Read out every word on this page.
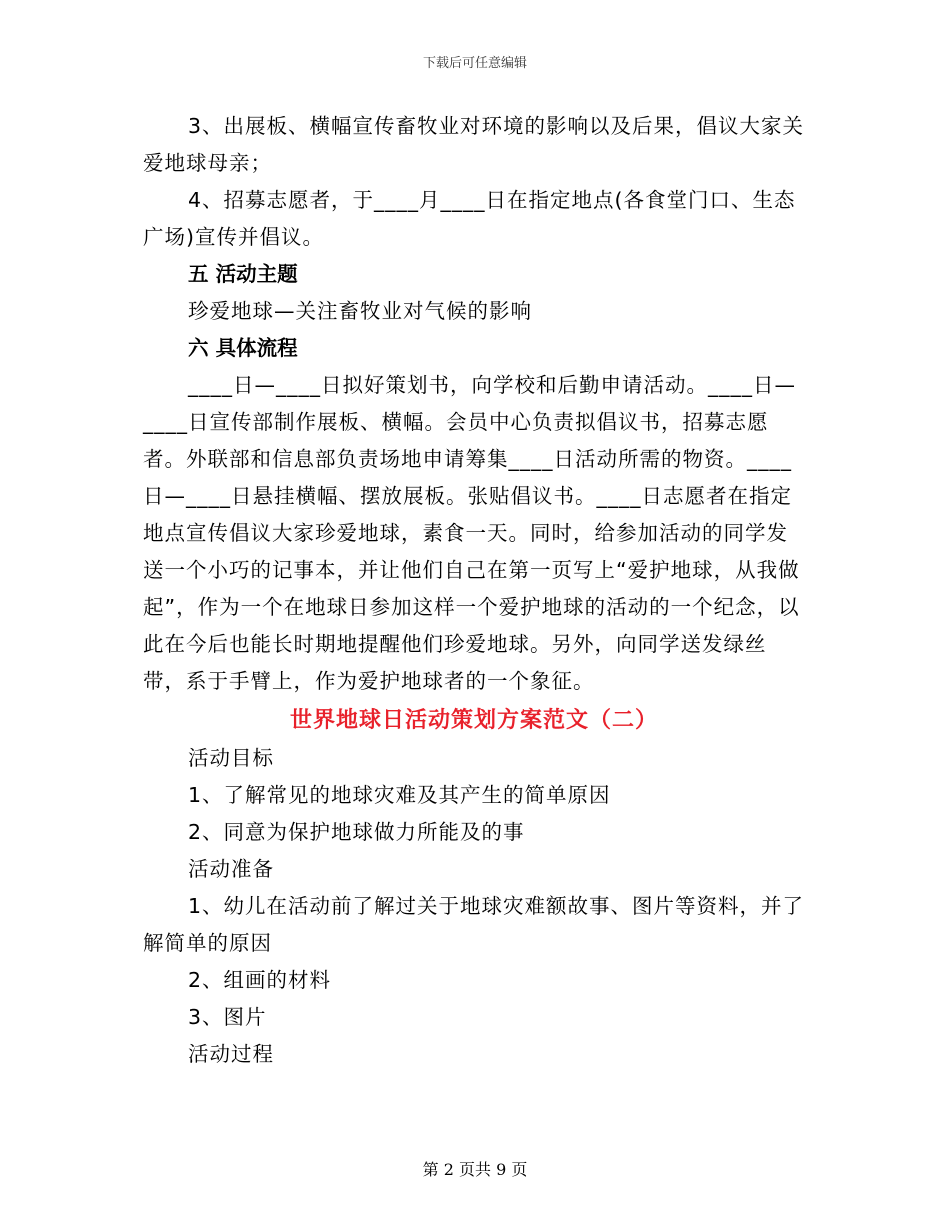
下载后可任意编辑

3、出展板、横幅宣传畜牧业对环境的影响以及后果，倡议大家关爱地球母亲；

4、招募志愿者，于____月____日在指定地点(各食堂门口、生态广场)宣传并倡议。

五 活动主题

珍爱地球—关注畜牧业对气候的影响

六 具体流程

____日—____日拟好策划书，向学校和后勤申请活动。____日—____日宣传部制作展板、横幅。会员中心负责拟倡议书，招募志愿者。外联部和信息部负责场地申请筹集____日活动所需的物资。____日—____日悬挂横幅、摆放展板。张贴倡议书。____日志愿者在指定地点宣传倡议大家珍爱地球，素食一天。同时，给参加活动的同学发送一个小巧的记事本，并让他们自己在第一页写上“爱护地球，从我做起”，作为一个在地球日参加这样一个爱护地球的活动的一个纪念，以此在今后也能长时期地提醒他们珍爱地球。另外，向同学送发绿丝带，系于手臂上，作为爱护地球者的一个象征。

世界地球日活动策划方案范文（二）

活动目标

1、了解常见的地球灾难及其产生的简单原因

2、同意为保护地球做力所能及的事

活动准备

1、幼儿在活动前了解过关于地球灾难额故事、图片等资料，并了解简单的原因

2、组画的材料

3、图片

活动过程

第 2 页共 9 页
